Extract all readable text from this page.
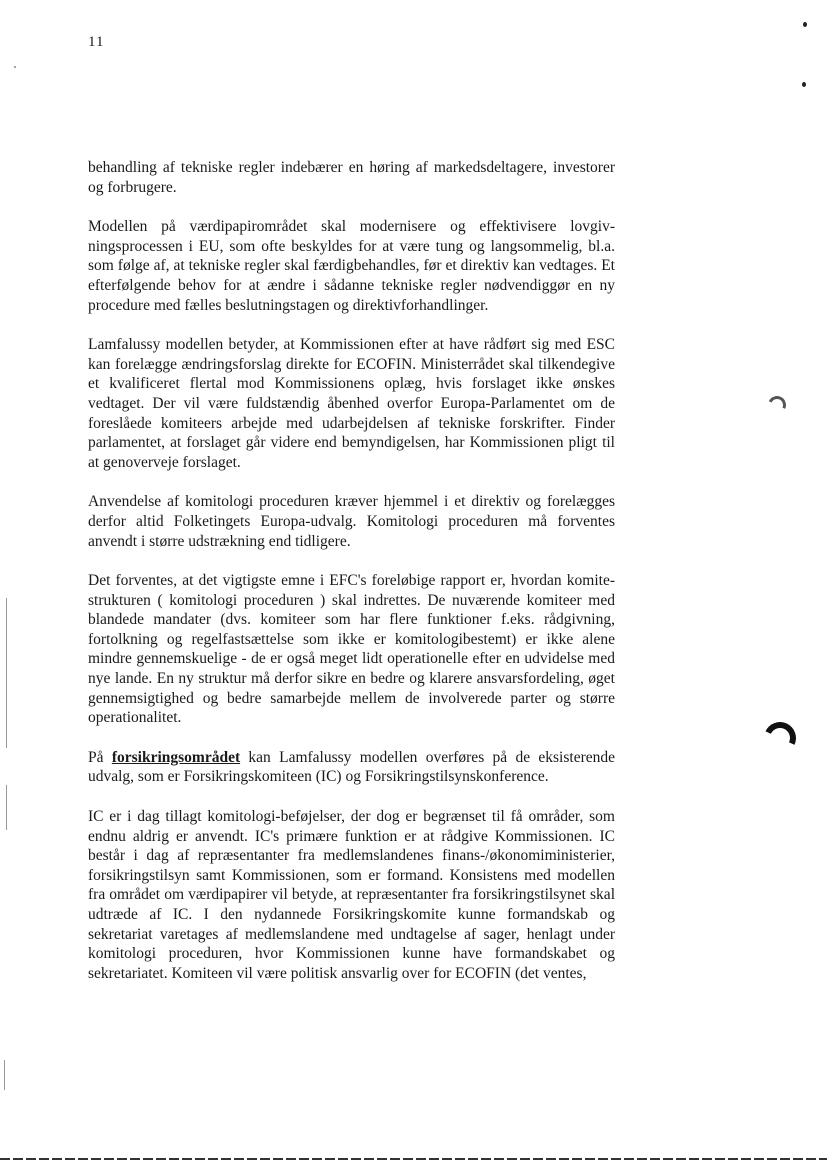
11

behandling af tekniske regler indebærer en høring af markedsdeltagere, investorer og forbrugere.

Modellen på værdipapirområdet skal modernisere og effektivisere lovgivningsprocessen i EU, som ofte beskyldes for at være tung og langsommelig, bl.a. som følge af, at tekniske regler skal færdigbehandles, før et direktiv kan vedtages. Et efterfølgende behov for at ændre i sådanne tekniske regler nødvendiggør en ny procedure med fælles beslutningstagen og direktivforhandlinger.

Lamfalussy modellen betyder, at Kommissionen efter at have rådført sig med ESC kan forelægge ændringsforslag direkte for ECOFIN. Ministerrådet skal tilkendegive et kvalificeret flertal mod Kommissionens oplæg, hvis forslaget ikke ønskes vedtaget. Der vil være fuldstændig åbenhed overfor Europa-Parlamentet om de foreslåede komiteers arbejde med udarbejdelsen af tekniske forskrifter. Finder parlamentet, at forslaget går videre end bemyndigelsen, har Kommissionen pligt til at genoverveje forslaget.

Anvendelse af komitologi proceduren kræver hjemmel i et direktiv og forelægges derfor altid Folketingets Europa-udvalg. Komitologi proceduren må forventes anvendt i større udstrækning end tidligere.

Det forventes, at det vigtigste emne i EFC's foreløbige rapport er, hvordan komite-strukturen ( komitologi proceduren ) skal indrettes. De nuværende komiteer med blandede mandater (dvs. komiteer som har flere funktioner f.eks. rådgivning, fortolkning og regelfastsættelse som ikke er komitologibestemt) er ikke alene mindre gennemskuelige - de er også meget lidt operationelle efter en udvidelse med nye lande. En ny struktur må derfor sikre en bedre og klarere ansvarsfordeling, øget gennemsigtighed og bedre samarbejde mellem de involverede parter og større operationalitet.

På forsikringsområdet kan Lamfalussy modellen overføres på de eksisterende udvalg, som er Forsikringskomiteen (IC) og Forsikringstilsynskonference.

IC er i dag tillagt komitologi-beføjelser, der dog er begrænset til få områder, som endnu aldrig er anvendt. IC's primære funktion er at rådgive Kommissionen. IC består i dag af repræsentanter fra medlemslandenes finans-/økonomiministerier, forsikringstilsyn samt Kommissionen, som er formand. Konsistens med modellen fra området om værdipapirer vil betyde, at repræsentanter fra forsikringstilsynet skal udtræde af IC. I den nydannede Forsikringskomite kunne formandskab og sekretariat varetages af medlemslandene med undtagelse af sager, henlagt under komitologi proceduren, hvor Kommissionen kunne have formandskabet og sekretariatet. Komiteen vil være politisk ansvarlig over for ECOFIN (det ventes,
